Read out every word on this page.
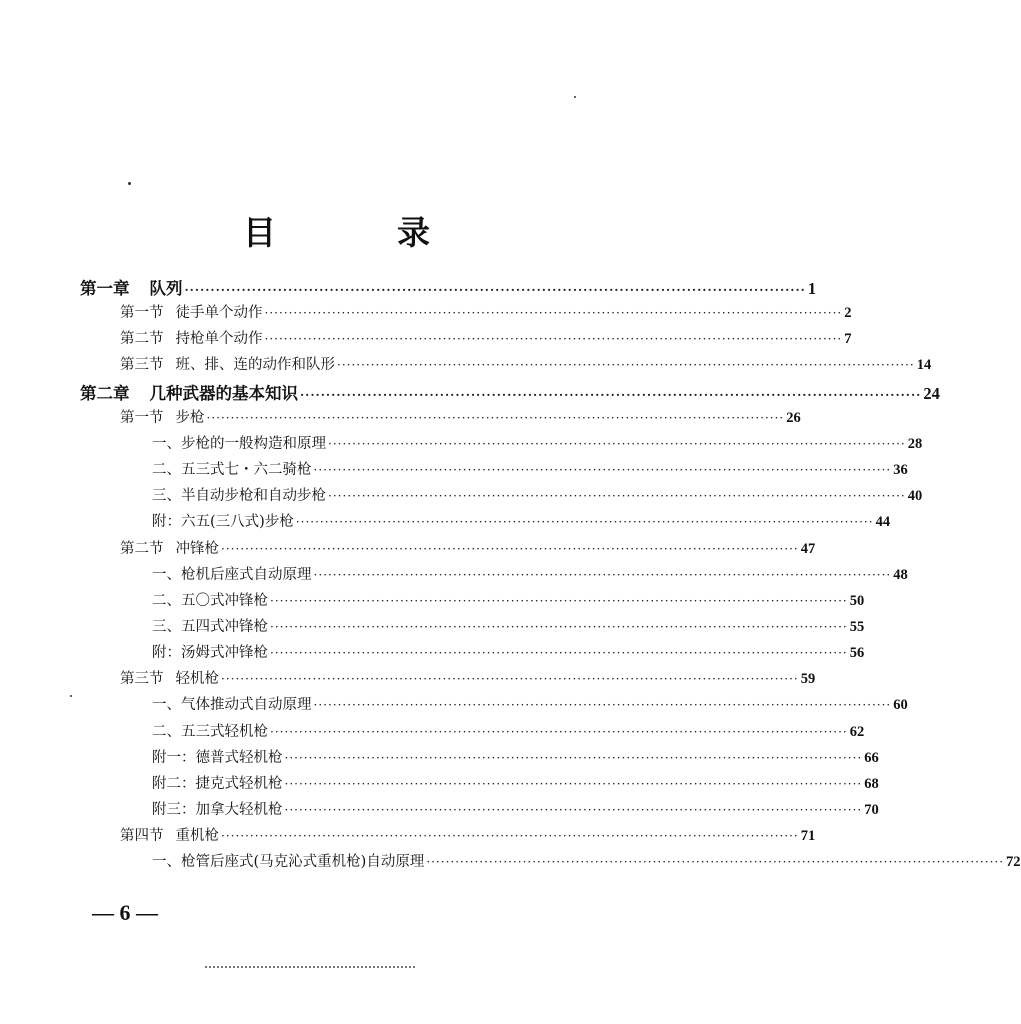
目　录
第一章 队列 ························································································································ 1
第一节 徒手单个动作 ························································································································ 2
第二节 持枪单个动作 ························································································································ 7
第三节 班、排、连的动作和队形 ························································································································ 14
第二章 几种武器的基本知识 ························································································································ 24
第一节 步枪 ························································································································ 26
一、步枪的一般构造和原理 ························································································································ 28
二、五三式七・六二骑枪 ························································································································ 36
三、半自动步枪和自动步枪 ························································································································ 40
附：六五(三八式)步枪 ························································································································ 44
第二节 冲锋枪 ························································································································ 47
一、枪机后座式自动原理 ························································································································ 48
二、五〇式冲锋枪 ························································································································ 50
三、五四式冲锋枪 ························································································································ 55
附：汤姆式冲锋枪 ························································································································ 56
第三节 轻机枪 ························································································································ 59
一、气体推动式自动原理 ························································································································ 60
二、五三式轻机枪 ························································································································ 62
附一：德普式轻机枪 ························································································································ 66
附二：捷克式轻机枪 ························································································································ 68
附三：加拿大轻机枪 ························································································································ 70
第四节 重机枪 ························································································································ 71
一、枪管后座式(马克沁式重机枪)自动原理 ························································································································ 72
— 6 —
